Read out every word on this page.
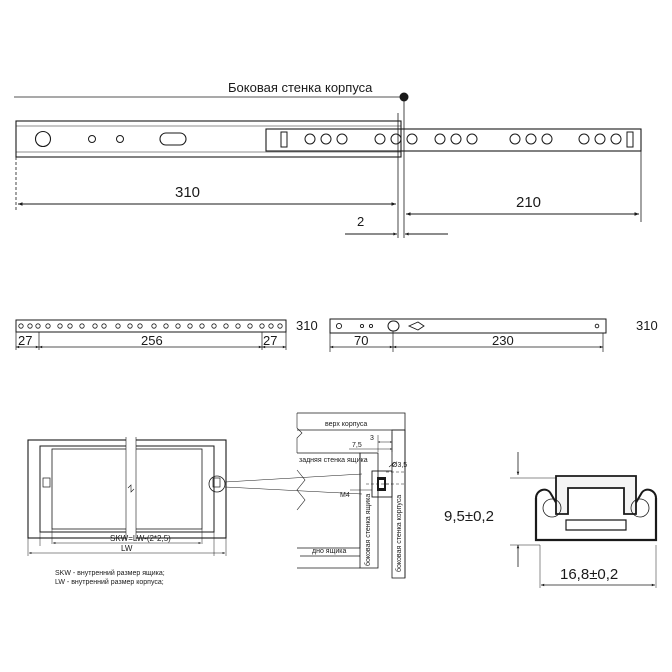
Боковая стенка корпуса
310
210
2
27	256	27
310
70	230
310
SKW=LW-(2*2,5)
LW
SKW - внутренний размер ящика;
LW - внутренний размер корпуса;
верх корпуса
задняя стенка ящика
дно ящика
Ø3,5
M4
7,5
3
боковая стенка ящика	боковая стенка корпуса	9,5±0,2
16,8±0,2
